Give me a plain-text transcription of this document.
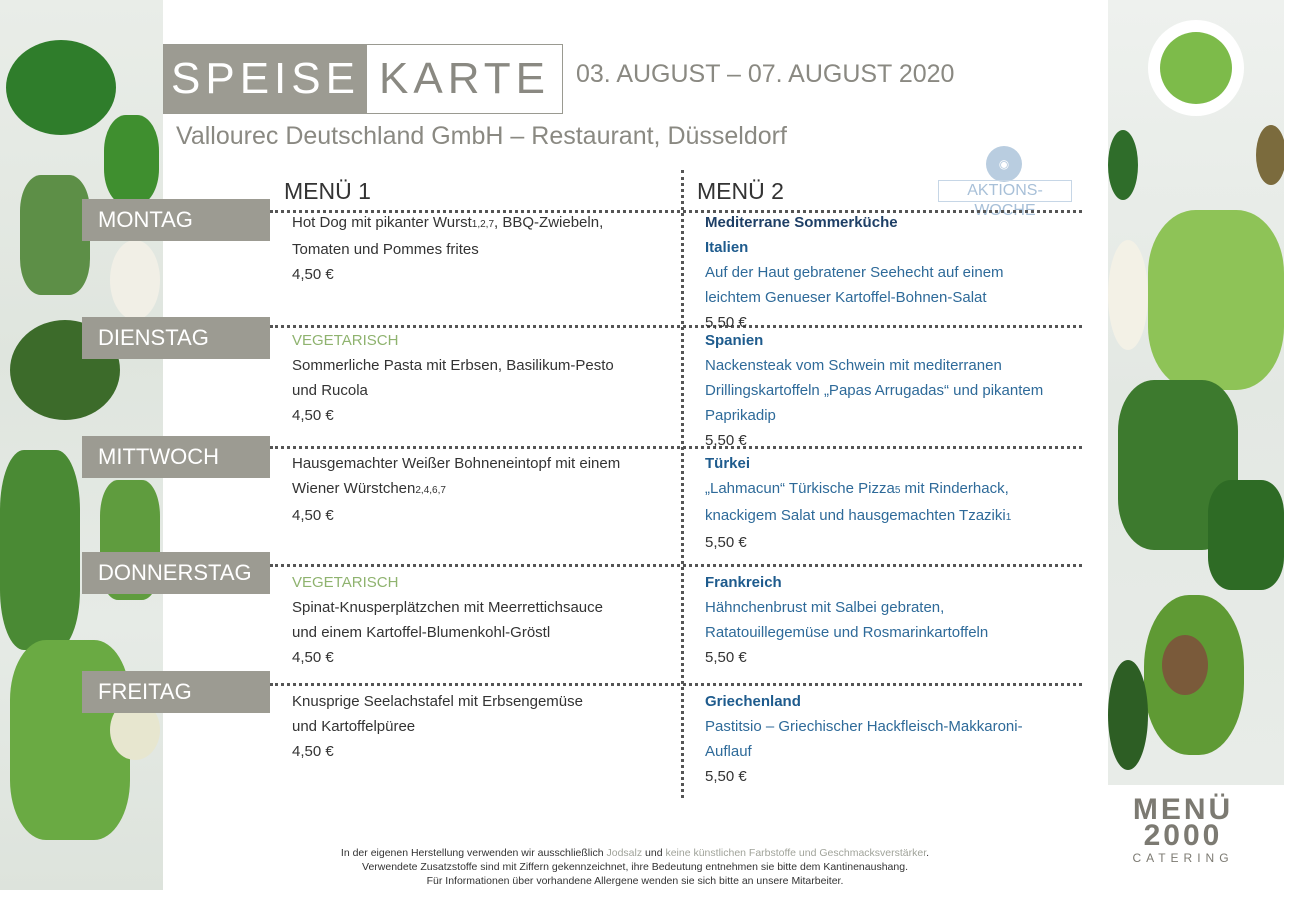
SPEISE KARTE	03. AUGUST – 07. AUGUST 2020
Vallourec Deutschland GmbH – Restaurant, Düsseldorf
◉
AKTIONS-WOCHE
MENÜ 1	MENÜ 2
MONTAG
DIENSTAG
MITTWOCH
DONNERSTAG
FREITAG
Hot Dog mit pikanter Wurst1,2,7, BBQ-Zwiebeln,
Tomaten und Pommes frites
4,50 €
Mediterrane Sommerküche
Italien
Auf der Haut gebratener Seehecht auf einem
leichtem Genueser Kartoffel-Bohnen-Salat
5,50 €
VEGETARISCH
Sommerliche Pasta mit Erbsen, Basilikum-Pesto
und Rucola
4,50 €
Spanien
Nackensteak vom Schwein mit mediterranen
Drillingskartoffeln „Papas Arrugadas“ und pikantem
Paprikadip
5,50 €
Hausgemachter Weißer Bohneneintopf mit einem
Wiener Würstchen2,4,6,7
4,50 €
Türkei
„Lahmacun“ Türkische Pizza5 mit Rinderhack,
knackigem Salat und hausgemachten Tzaziki1
5,50 €
VEGETARISCH
Spinat-Knusperplätzchen mit Meerrettichsauce
und einem Kartoffel-Blumenkohl-Gröstl
4,50 €
Frankreich
Hähnchenbrust mit Salbei gebraten,
Ratatouillegemüse und Rosmarinkartoffeln
5,50 €
Knusprige Seelachstafel mit Erbsengemüse
und Kartoffelpüree
4,50 €
Griechenland
Pastitsio – Griechischer Hackfleisch-Makkaroni-
Auflauf
5,50 €
In der eigenen Herstellung verwenden wir ausschließlich Jodsalz und keine künstlichen Farbstoffe und Geschmacksverstärker.
Verwendete Zusatzstoffe sind mit Ziffern gekennzeichnet, ihre Bedeutung entnehmen sie bitte dem Kantinenaushang.
Für Informationen über vorhandene Allergene wenden sie sich bitte an unsere Mitarbeiter.
MENÜ
2000
CATERING
